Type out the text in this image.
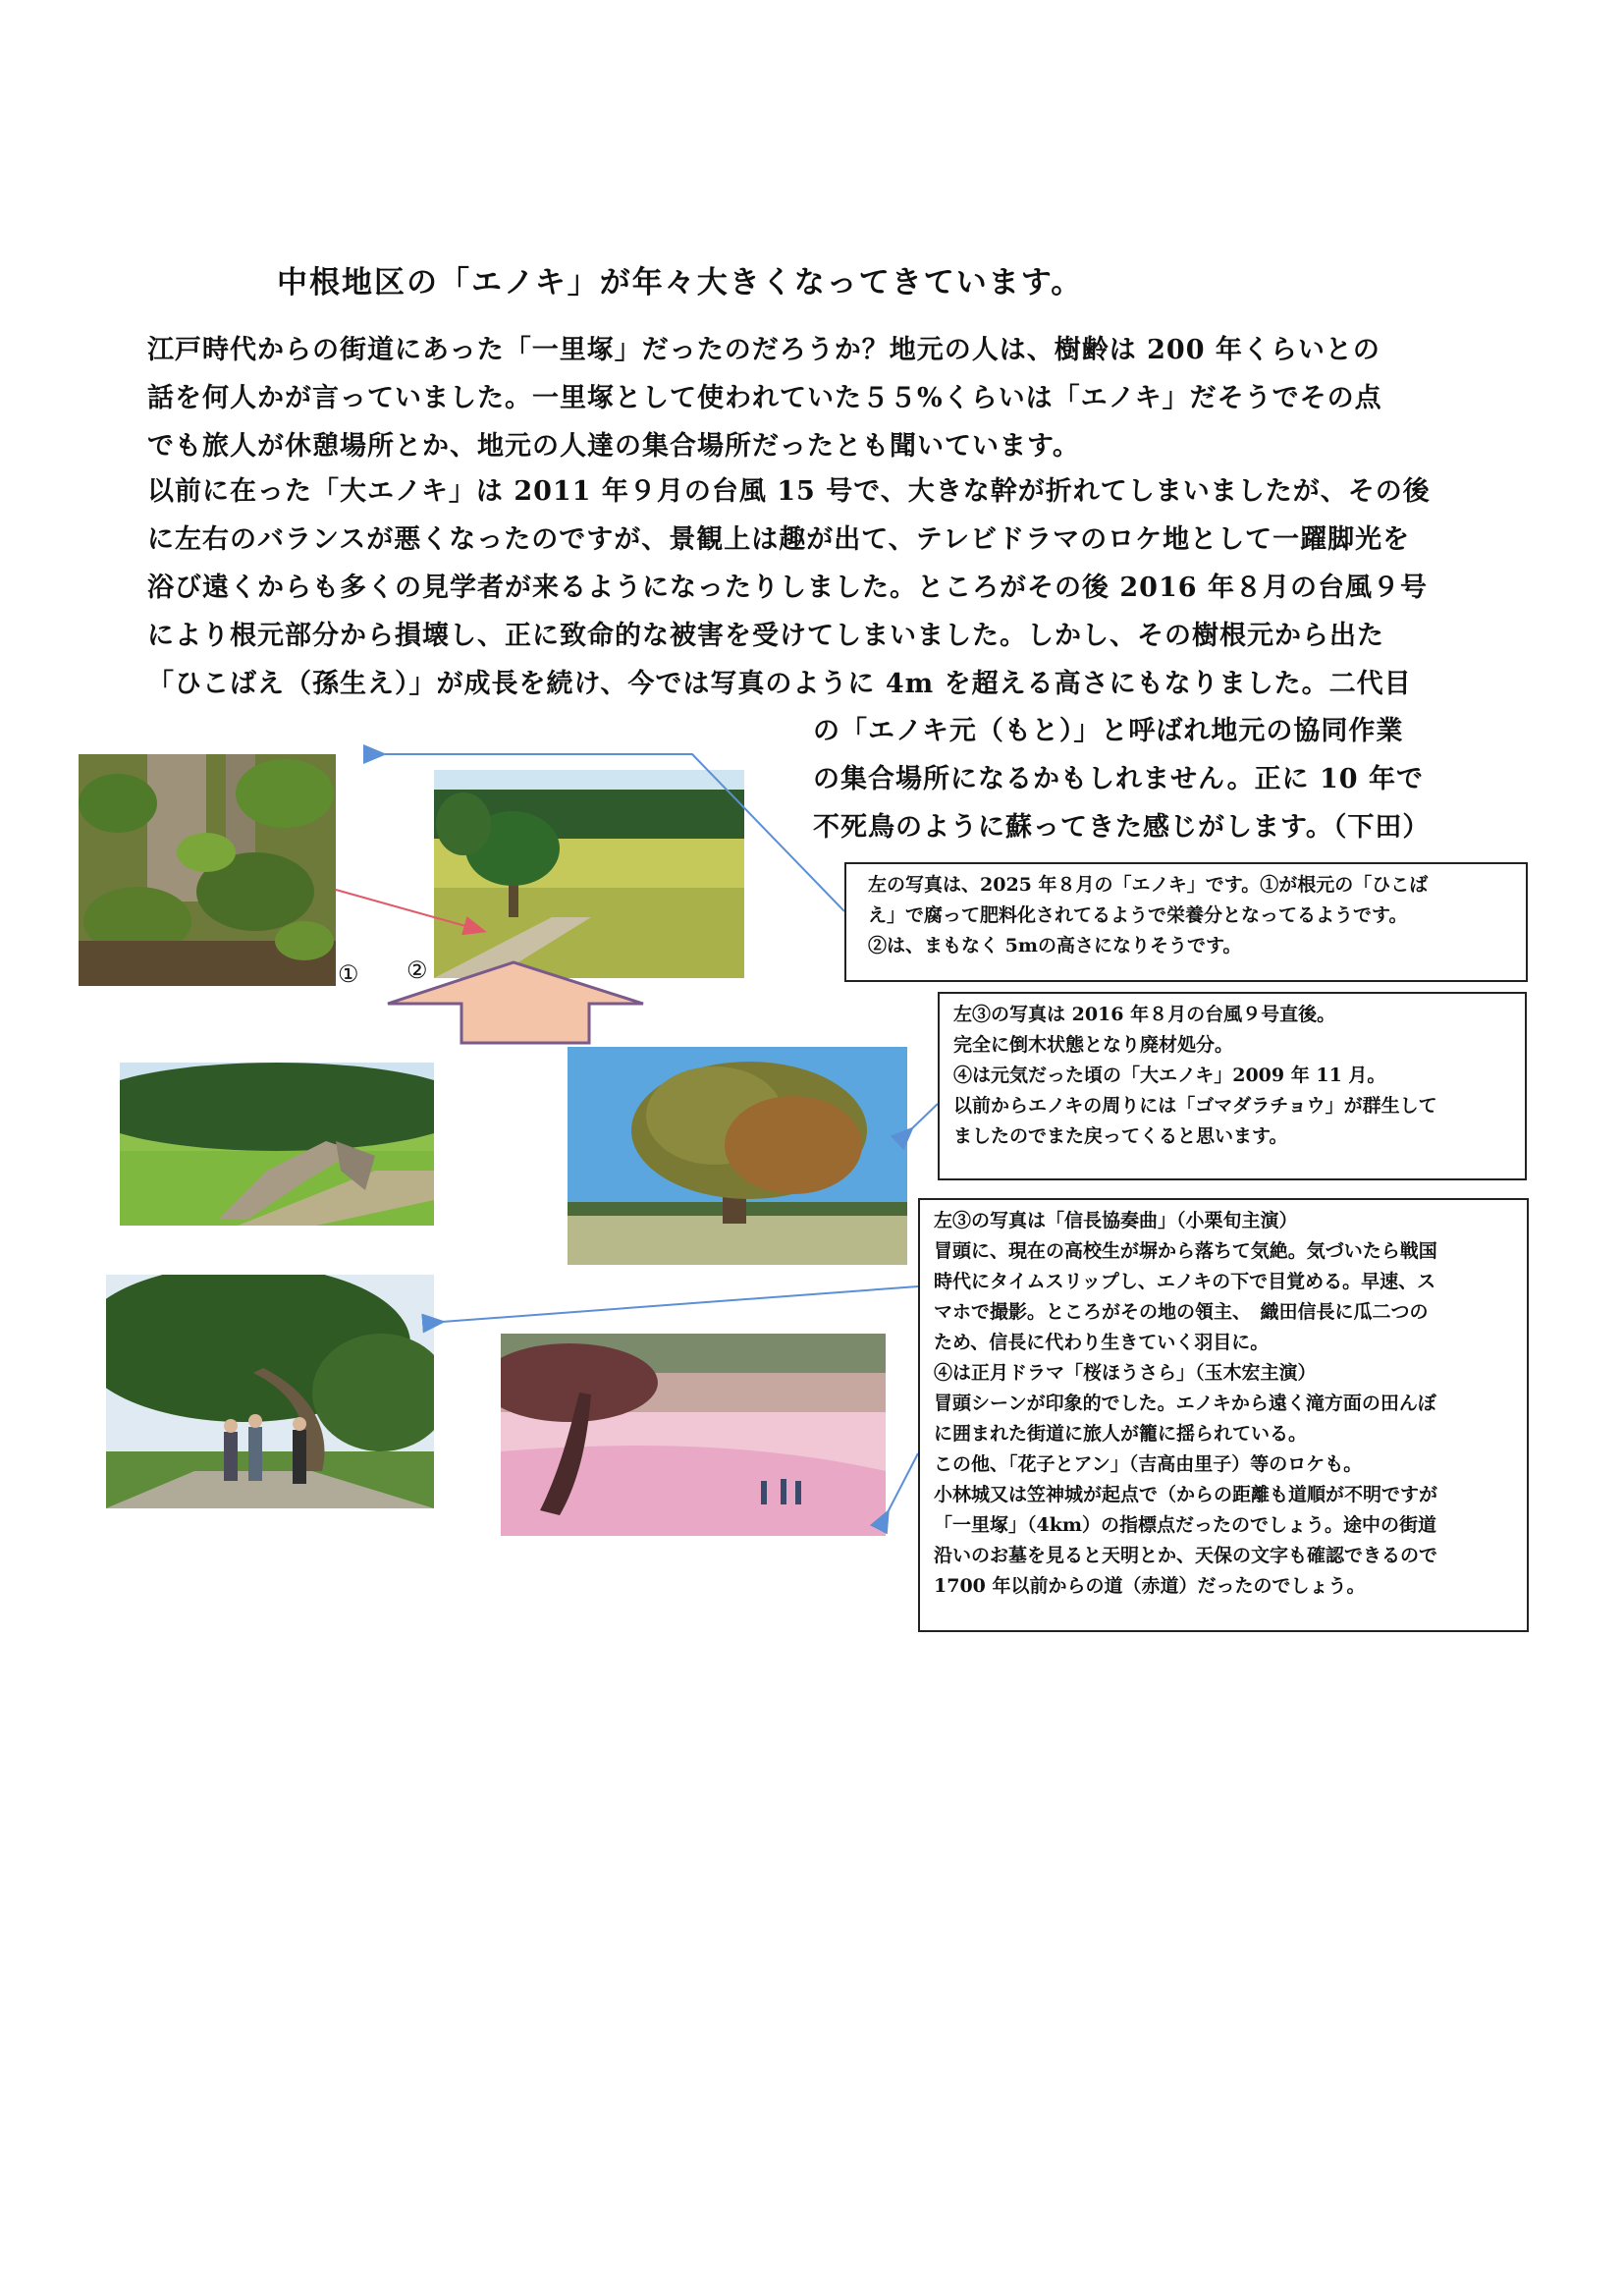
中根地区の「エノキ」が年々大きくなってきています。

江戸時代からの街道にあった「一里塚」だったのだろうか？地元の人は、樹齢は 200 年くらいとの
話を何人かが言っていました。一里塚として使われていた５５%くらいは「エノキ」だそうでその点
でも旅人が休憩場所とか、地元の人達の集合場所だったとも聞いています。

以前に在った「大エノキ」は 2011 年９月の台風 15 号で、大きな幹が折れてしまいましたが、その後
に左右のバランスが悪くなったのですが、景観上は趣が出て、テレビドラマのロケ地として一躍脚光を
浴び遠くからも多くの見学者が来るようになったりしました。ところがその後 2016 年８月の台風９号
により根元部分から損壊し、正に致命的な被害を受けてしまいました。しかし、その樹根元から出た
「ひこばえ（孫生え）」が成長を続け、今では写真のように 4m を超える高さにもなりました。二代目

の「エノキ元（もと）」と呼ばれ地元の協同作業
の集合場所になるかもしれません。正に 10 年で
不死鳥のように蘇ってきた感じがします。（下田）

① ②
左の写真は、2025 年８月の「エノキ」です。①が根元の「ひこば
え」で腐って肥料化されてるようで栄養分となってるようです。
②は、まもなく 5mの高さになりそうです。
左③の写真は 2016 年８月の台風９号直後。
完全に倒木状態となり廃材処分。
④は元気だった頃の「大エノキ」2009 年 11 月。
以前からエノキの周りには「ゴマダラチョウ」が群生して
ましたのでまた戻ってくると思います。
左③の写真は「信長協奏曲」（小栗旬主演）
冒頭に、現在の高校生が塀から落ちて気絶。気づいたら戦国
時代にタイムスリップし、エノキの下で目覚める。早速、ス
マホで撮影。ところがその地の領主、　織田信長に瓜二つの
ため、信長に代わり生きていく羽目に。
④は正月ドラマ「桜ほうさら」（玉木宏主演）
冒頭シーンが印象的でした。エノキから遠く滝方面の田んぼ
に囲まれた街道に旅人が籠に揺られている。
この他、「花子とアン」（吉高由里子）等のロケも。
小林城又は笠神城が起点で（からの距離も道順が不明ですが
「一里塚」（4km）の指標点だったのでしょう。途中の街道
沿いのお墓を見ると天明とか、天保の文字も確認できるので
1700 年以前からの道（赤道）だったのでしょう。
